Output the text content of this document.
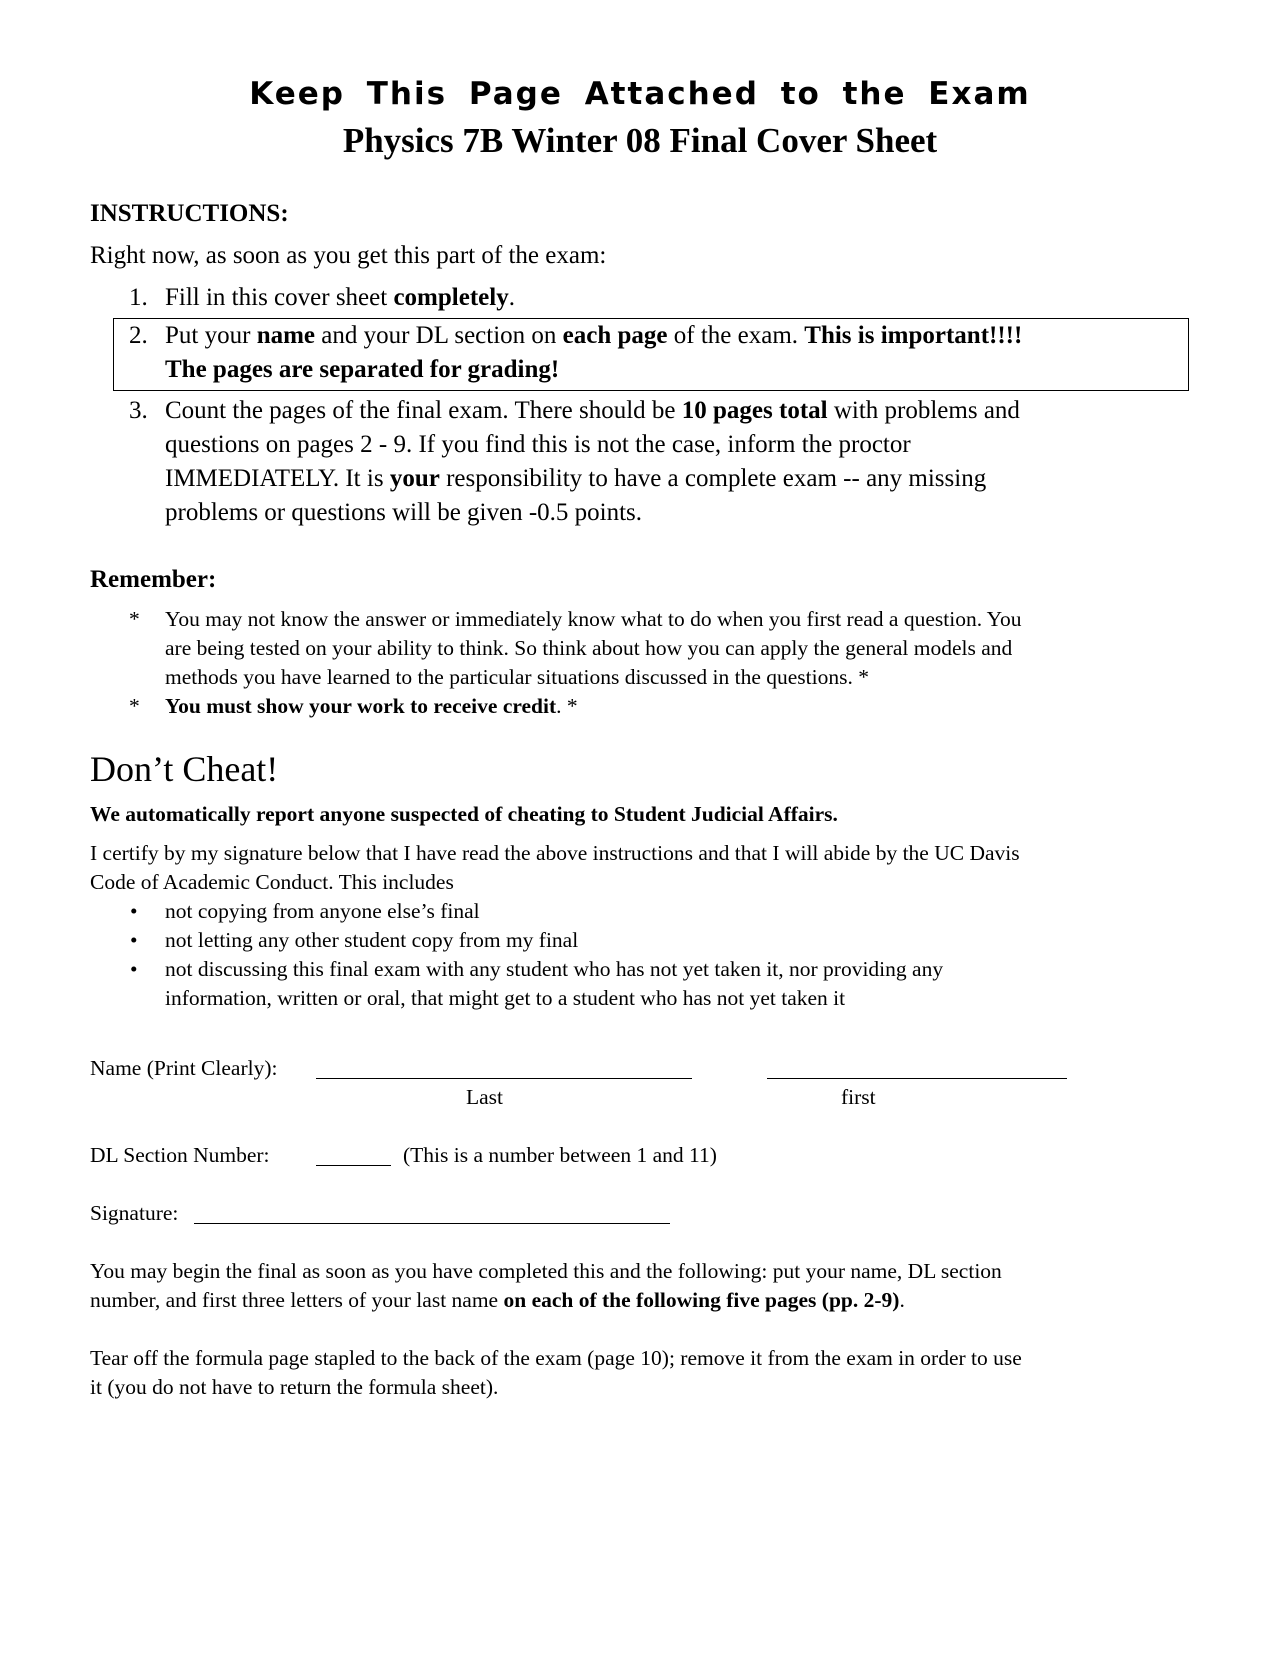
Keep This Page Attached to the Exam
Physics 7B Winter 08 Final Cover Sheet
INSTRUCTIONS:
Right now, as soon as you get this part of the exam:
1. Fill in this cover sheet completely.
2. Put your name and your DL section on each page of the exam. This is important!!!!
The pages are separated for grading!
3. Count the pages of the final exam. There should be 10 pages total with problems and
questions on pages 2 - 9. If you find this is not the case, inform the proctor
IMMEDIATELY. It is your responsibility to have a complete exam -- any missing
problems or questions will be given -0.5 points.
Remember:
* You may not know the answer or immediately know what to do when you first read a question. You
are being tested on your ability to think. So think about how you can apply the general models and
methods you have learned to the particular situations discussed in the questions. *
* You must show your work to receive credit. *
Don’t Cheat!
We automatically report anyone suspected of cheating to Student Judicial Affairs.
I certify by my signature below that I have read the above instructions and that I will abide by the UC Davis
Code of Academic Conduct. This includes
• not copying from anyone else’s final
• not letting any other student copy from my final
• not discussing this final exam with any student who has not yet taken it, nor providing any
information, written or oral, that might get to a student who has not yet taken it
Name (Print Clearly):
Last	first
DL Section Number:	(This is a number between 1 and 11)
Signature:
You may begin the final as soon as you have completed this and the following: put your name, DL section
number, and first three letters of your last name on each of the following five pages (pp. 2-9).
Tear off the formula page stapled to the back of the exam (page 10); remove it from the exam in order to use
it (you do not have to return the formula sheet).
